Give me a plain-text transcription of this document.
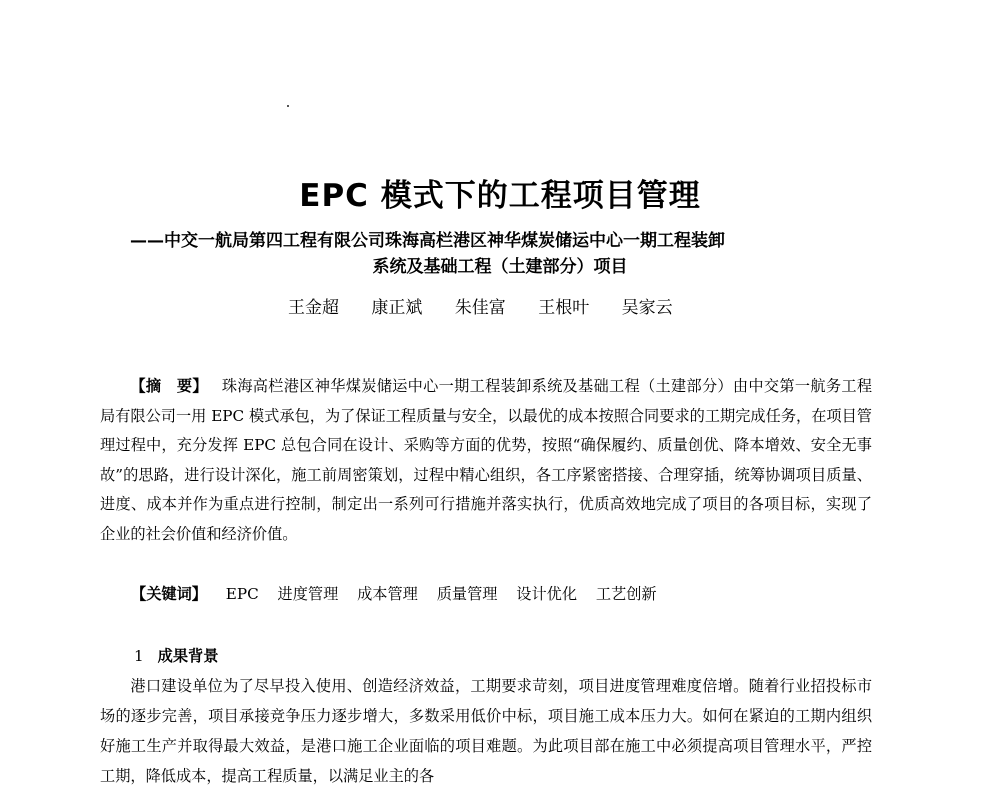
EPC 模式下的工程项目管理
——中交一航局第四工程有限公司珠海高栏港区神华煤炭储运中心一期工程装卸
系统及基础工程（土建部分）项目
王金超 康正斌 朱佳富 王根叶 吴家云

【摘　要】 珠海高栏港区神华煤炭储运中心一期工程装卸系统及基础工程（土建部分）由中交第一航务工程局有限公司一用 EPC 模式承包，为了保证工程质量与安全，以最优的成本按照合同要求的工期完成任务，在项目管理过程中，充分发挥 EPC 总包合同在设计、采购等方面的优势，按照“确保履约、质量创优、降本增效、安全无事故”的思路，进行设计深化，施工前周密策划，过程中精心组织，各工序紧密搭接、合理穿插，统筹协调项目质量、进度、成本并作为重点进行控制，制定出一系列可行措施并落实执行，优质高效地完成了项目的各项目标，实现了企业的社会价值和经济价值。

【关键词】 EPC 进度管理 成本管理 质量管理 设计优化 工艺创新
1 成果背景

港口建设单位为了尽早投入使用、创造经济效益，工期要求苛刻，项目进度管理难度倍增。随着行业招投标市场的逐步完善，项目承接竞争压力逐步增大，多数采用低价中标，项目施工成本压力大。如何在紧迫的工期内组织好施工生产并取得最大效益，是港口施工企业面临的项目难题。为此项目部在施工中必须提高项目管理水平，严控工期，降低成本，提高工程质量，以满足业主的各
